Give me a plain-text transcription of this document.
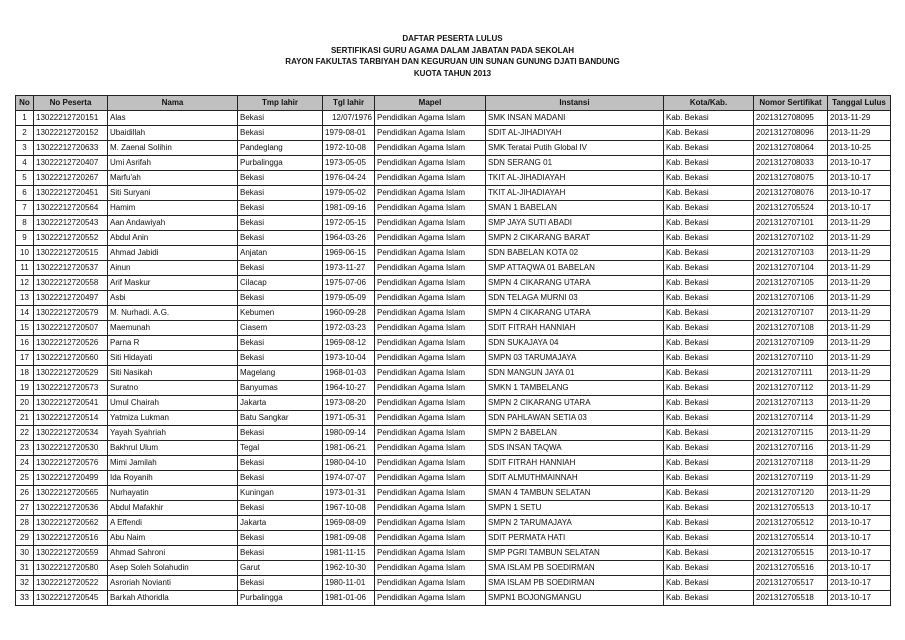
DAFTAR PESERTA LULUS
SERTIFIKASI GURU AGAMA DALAM JABATAN PADA SEKOLAH
RAYON FAKULTAS TARBIYAH DAN KEGURUAN UIN SUNAN GUNUNG DJATI BANDUNG
KUOTA TAHUN 2013
No	No Peserta	Nama	Tmp lahir	Tgl lahir	Mapel	Instansi	Kota/Kab.	Nomor Sertifikat	Tanggal Lulus
1	13022212720151	Alas	Bekasi	12/07/1976	Pendidikan Agama Islam	SMK INSAN MADANI	Kab. Bekasi	2021312708095	2013-11-29
2	13022212720152	Ubaidillah	Bekasi	1979-08-01	Pendidikan Agama Islam	SDIT AL-JIHADIYAH	Kab. Bekasi	2021312708096	2013-11-29
3	13022212720633	M. Zaenal Solihin	Pandeglang	1972-10-08	Pendidikan Agama Islam	SMK Teratai Putih Global IV	Kab. Bekasi	2021312708064	2013-10-25
4	13022212720407	Umi Asrifah	Purbalingga	1973-05-05	Pendidikan Agama Islam	SDN SERANG 01	Kab. Bekasi	2021312708033	2013-10-17
5	13022212720267	Marfu'ah	Bekasi	1976-04-24	Pendidikan Agama Islam	TKIT AL-JIHADIAYAH	Kab. Bekasi	2021312708075	2013-10-17
6	13022212720451	Siti Suryani	Bekasi	1979-05-02	Pendidikan Agama Islam	TKIT AL-JIHADIAYAH	Kab. Bekasi	2021312708076	2013-10-17
7	13022212720564	Hamim	Bekasi	1981-09-16	Pendidikan Agama Islam	SMAN 1 BABELAN	Kab. Bekasi	2021312705524	2013-10-17
8	13022212720543	Aan Andawiyah	Bekasi	1972-05-15	Pendidikan Agama Islam	SMP JAYA SUTI ABADI	Kab. Bekasi	2021312707101	2013-11-29
9	13022212720552	Abdul Anin	Bekasi	1964-03-26	Pendidikan Agama Islam	SMPN 2 CIKARANG BARAT	Kab. Bekasi	2021312707102	2013-11-29
10	13022212720515	Ahmad Jabidi	Anjatan	1969-06-15	Pendidikan Agama Islam	SDN BABELAN KOTA 02	Kab. Bekasi	2021312707103	2013-11-29
11	13022212720537	Ainun	Bekasi	1973-11-27	Pendidikan Agama Islam	SMP ATTAQWA 01 BABELAN	Kab. Bekasi	2021312707104	2013-11-29
12	13022212720558	Arif Maskur	Cilacap	1975-07-06	Pendidikan Agama Islam	SMPN 4 CIKARANG UTARA	Kab. Bekasi	2021312707105	2013-11-29
13	13022212720497	Asbi	Bekasi	1979-05-09	Pendidikan Agama Islam	SDN TELAGA MURNI 03	Kab. Bekasi	2021312707106	2013-11-29
14	13022212720579	M. Nurhadi. A.G.	Kebumen	1960-09-28	Pendidikan Agama Islam	SMPN 4 CIKARANG UTARA	Kab. Bekasi	2021312707107	2013-11-29
15	13022212720507	Maemunah	Ciasem	1972-03-23	Pendidikan Agama Islam	SDIT FITRAH HANNIAH	Kab. Bekasi	2021312707108	2013-11-29
16	13022212720526	Parna R	Bekasi	1969-08-12	Pendidikan Agama Islam	SDN SUKAJAYA 04	Kab. Bekasi	2021312707109	2013-11-29
17	13022212720560	Siti Hidayati	Bekasi	1973-10-04	Pendidikan Agama Islam	SMPN 03 TARUMAJAYA	Kab. Bekasi	2021312707110	2013-11-29
18	13022212720529	Siti Nasikah	Magelang	1968-01-03	Pendidikan Agama Islam	SDN MANGUN JAYA 01	Kab. Bekasi	2021312707111	2013-11-29
19	13022212720573	Suratno	Banyumas	1964-10-27	Pendidikan Agama Islam	SMKN 1 TAMBELANG	Kab. Bekasi	2021312707112	2013-11-29
20	13022212720541	Umul Chairah	Jakarta	1973-08-20	Pendidikan Agama Islam	SMPN 2 CIKARANG UTARA	Kab. Bekasi	2021312707113	2013-11-29
21	13022212720514	Yatmiza Lukman	Batu Sangkar	1971-05-31	Pendidikan Agama Islam	SDN PAHLAWAN SETIA 03	Kab. Bekasi	2021312707114	2013-11-29
22	13022212720534	Yayah Syahriah	Bekasi	1980-09-14	Pendidikan Agama Islam	SMPN 2 BABELAN	Kab. Bekasi	2021312707115	2013-11-29
23	13022212720530	Bakhrul Ulum	Tegal	1981-06-21	Pendidikan Agama Islam	SDS INSAN TAQWA	Kab. Bekasi	2021312707116	2013-11-29
24	13022212720576	Mimi Jamilah	Bekasi	1980-04-10	Pendidikan Agama Islam	SDIT FITRAH HANNIAH	Kab. Bekasi	2021312707118	2013-11-29
25	13022212720499	Ida Royanih	Bekasi	1974-07-07	Pendidikan Agama Islam	SDIT ALMUTHMAINNAH	Kab. Bekasi	2021312707119	2013-11-29
26	13022212720565	Nurhayatin	Kuningan	1973-01-31	Pendidikan Agama Islam	SMAN 4 TAMBUN SELATAN	Kab. Bekasi	2021312707120	2013-11-29
27	13022212720536	Abdul Mafakhir	Bekasi	1967-10-08	Pendidikan Agama Islam	SMPN 1 SETU	Kab. Bekasi	2021312705513	2013-10-17
28	13022212720562	A Effendi	Jakarta	1969-08-09	Pendidikan Agama Islam	SMPN 2 TARUMAJAYA	Kab. Bekasi	2021312705512	2013-10-17
29	13022212720516	Abu Naim	Bekasi	1981-09-08	Pendidikan Agama Islam	SDIT PERMATA HATI	Kab. Bekasi	2021312705514	2013-10-17
30	13022212720559	Ahmad Sahroni	Bekasi	1981-11-15	Pendidikan Agama Islam	SMP PGRI TAMBUN SELATAN	Kab. Bekasi	2021312705515	2013-10-17
31	13022212720580	Asep Soleh Solahudin	Garut	1962-10-30	Pendidikan Agama Islam	SMA ISLAM PB SOEDIRMAN	Kab. Bekasi	2021312705516	2013-10-17
32	13022212720522	Asroriah Novianti	Bekasi	1980-11-01	Pendidikan Agama Islam	SMA ISLAM PB SOEDIRMAN	Kab. Bekasi	2021312705517	2013-10-17
33	13022212720545	Barkah Athoridla	Purbalingga	1981-01-06	Pendidikan Agama Islam	SMPN1 BOJONGMANGU	Kab. Bekasi	2021312705518	2013-10-17
